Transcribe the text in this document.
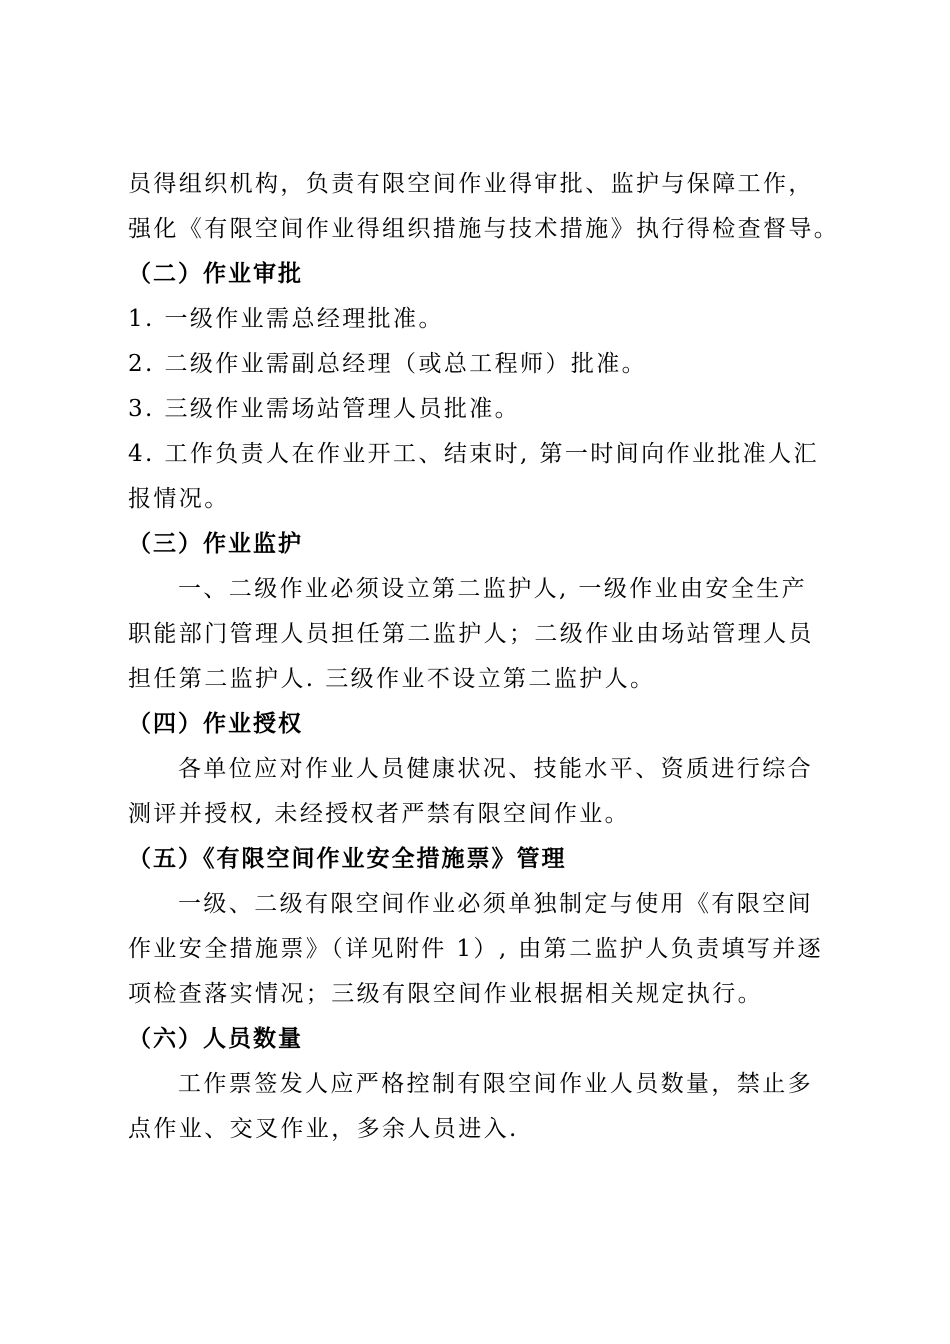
员得组织机构，负责有限空间作业得审批、监护与保障工作，
强化《有限空间作业得组织措施与技术措施》执行得检查督导。
（二）作业审批
1. 一级作业需总经理批准。
2. 二级作业需副总经理（或总工程师）批准。
3. 三级作业需场站管理人员批准。
4. 工作负责人在作业开工、结束时, 第一时间向作业批准人汇
报情况。
（三）作业监护
一、二级作业必须设立第二监护人, 一级作业由安全生产
职能部门管理人员担任第二监护人；二级作业由场站管理人员
担任第二监护人. 三级作业不设立第二监护人。
（四）作业授权
各单位应对作业人员健康状况、技能水平、资质进行综合
测评并授权, 未经授权者严禁有限空间作业。
（五）《有限空间作业安全措施票》管理
一级、二级有限空间作业必须单独制定与使用《有限空间
作业安全措施票》（详见附件 1）, 由第二监护人负责填写并逐
项检查落实情况；三级有限空间作业根据相关规定执行。
（六）人员数量
工作票签发人应严格控制有限空间作业人员数量，禁止多
点作业、交叉作业，多余人员进入.
